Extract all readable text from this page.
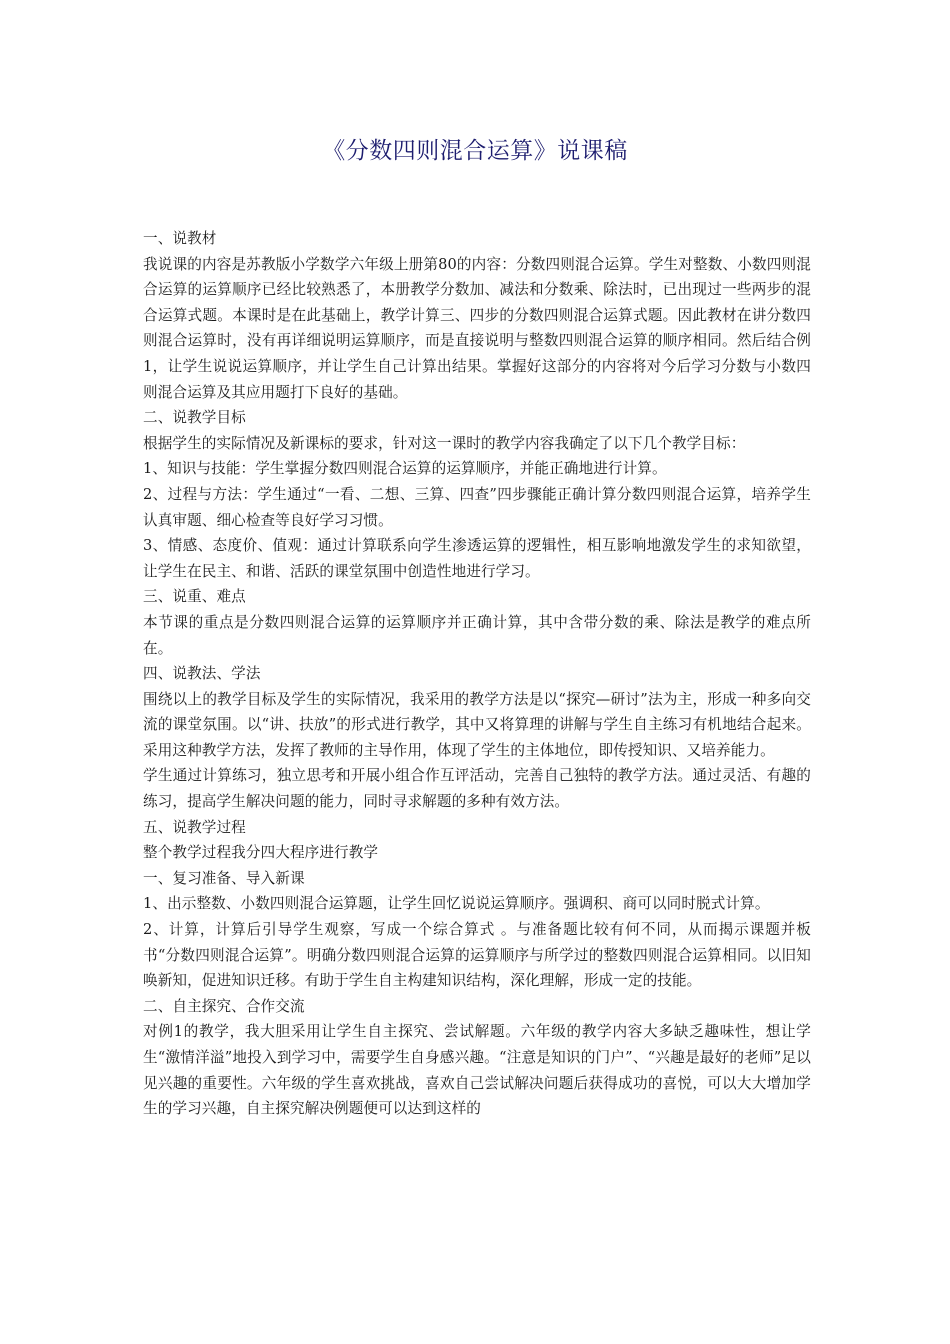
《分数四则混合运算》说课稿

一、说教材

我说课的内容是苏教版小学数学六年级上册第80的内容：分数四则混合运算。学生对整数、小数四则混合运算的运算顺序已经比较熟悉了，本册教学分数加、减法和分数乘、除法时，已出现过一些两步的混合运算式题。本课时是在此基础上，教学计算三、四步的分数四则混合运算式题。因此教材在讲分数四则混合运算时，没有再详细说明运算顺序，而是直接说明与整数四则混合运算的顺序相同。然后结合例1，让学生说说运算顺序，并让学生自己计算出结果。掌握好这部分的内容将对今后学习分数与小数四则混合运算及其应用题打下良好的基础。

二、说教学目标

根据学生的实际情况及新课标的要求，针对这一课时的教学内容我确定了以下几个教学目标：

1、知识与技能：学生掌握分数四则混合运算的运算顺序，并能正确地进行计算。

2、过程与方法：学生通过“一看、二想、三算、四查”四步骤能正确计算分数四则混合运算，培养学生认真审题、细心检查等良好学习习惯。

3、情感、态度价、值观：通过计算联系向学生渗透运算的逻辑性，相互影响地激发学生的求知欲望，让学生在民主、和谐、活跃的课堂氛围中创造性地进行学习。

三、说重、难点

本节课的重点是分数四则混合运算的运算顺序并正确计算，其中含带分数的乘、除法是教学的难点所在。

四、说教法、学法

围绕以上的教学目标及学生的实际情况，我采用的教学方法是以“探究—研讨”法为主，形成一种多向交流的课堂氛围。以“讲、扶放”的形式进行教学，其中又将算理的讲解与学生自主练习有机地结合起来。采用这种教学方法，发挥了教师的主导作用，体现了学生的主体地位，即传授知识、又培养能力。

学生通过计算练习，独立思考和开展小组合作互评活动，完善自己独特的教学方法。通过灵活、有趣的练习，提高学生解决问题的能力，同时寻求解题的多种有效方法。

五、说教学过程

整个教学过程我分四大程序进行教学

一、复习准备、导入新课

1、出示整数、小数四则混合运算题，让学生回忆说说运算顺序。强调积、商可以同时脱式计算。

2、计算，计算后引导学生观察，写成一个综合算式 。与准备题比较有何不同，从而揭示课题并板书“分数四则混合运算”。明确分数四则混合运算的运算顺序与所学过的整数四则混合运算相同。以旧知唤新知，促进知识迁移。有助于学生自主构建知识结构，深化理解，形成一定的技能。

二、自主探究、合作交流

对例1的教学，我大胆采用让学生自主探究、尝试解题。六年级的教学内容大多缺乏趣味性，想让学生“激情洋溢”地投入到学习中，需要学生自身感兴趣。“注意是知识的门户”、“兴趣是最好的老师”足以见兴趣的重要性。六年级的学生喜欢挑战，喜欢自己尝试解决问题后获得成功的喜悦，可以大大增加学生的学习兴趣，自主探究解决例题便可以达到这样的
